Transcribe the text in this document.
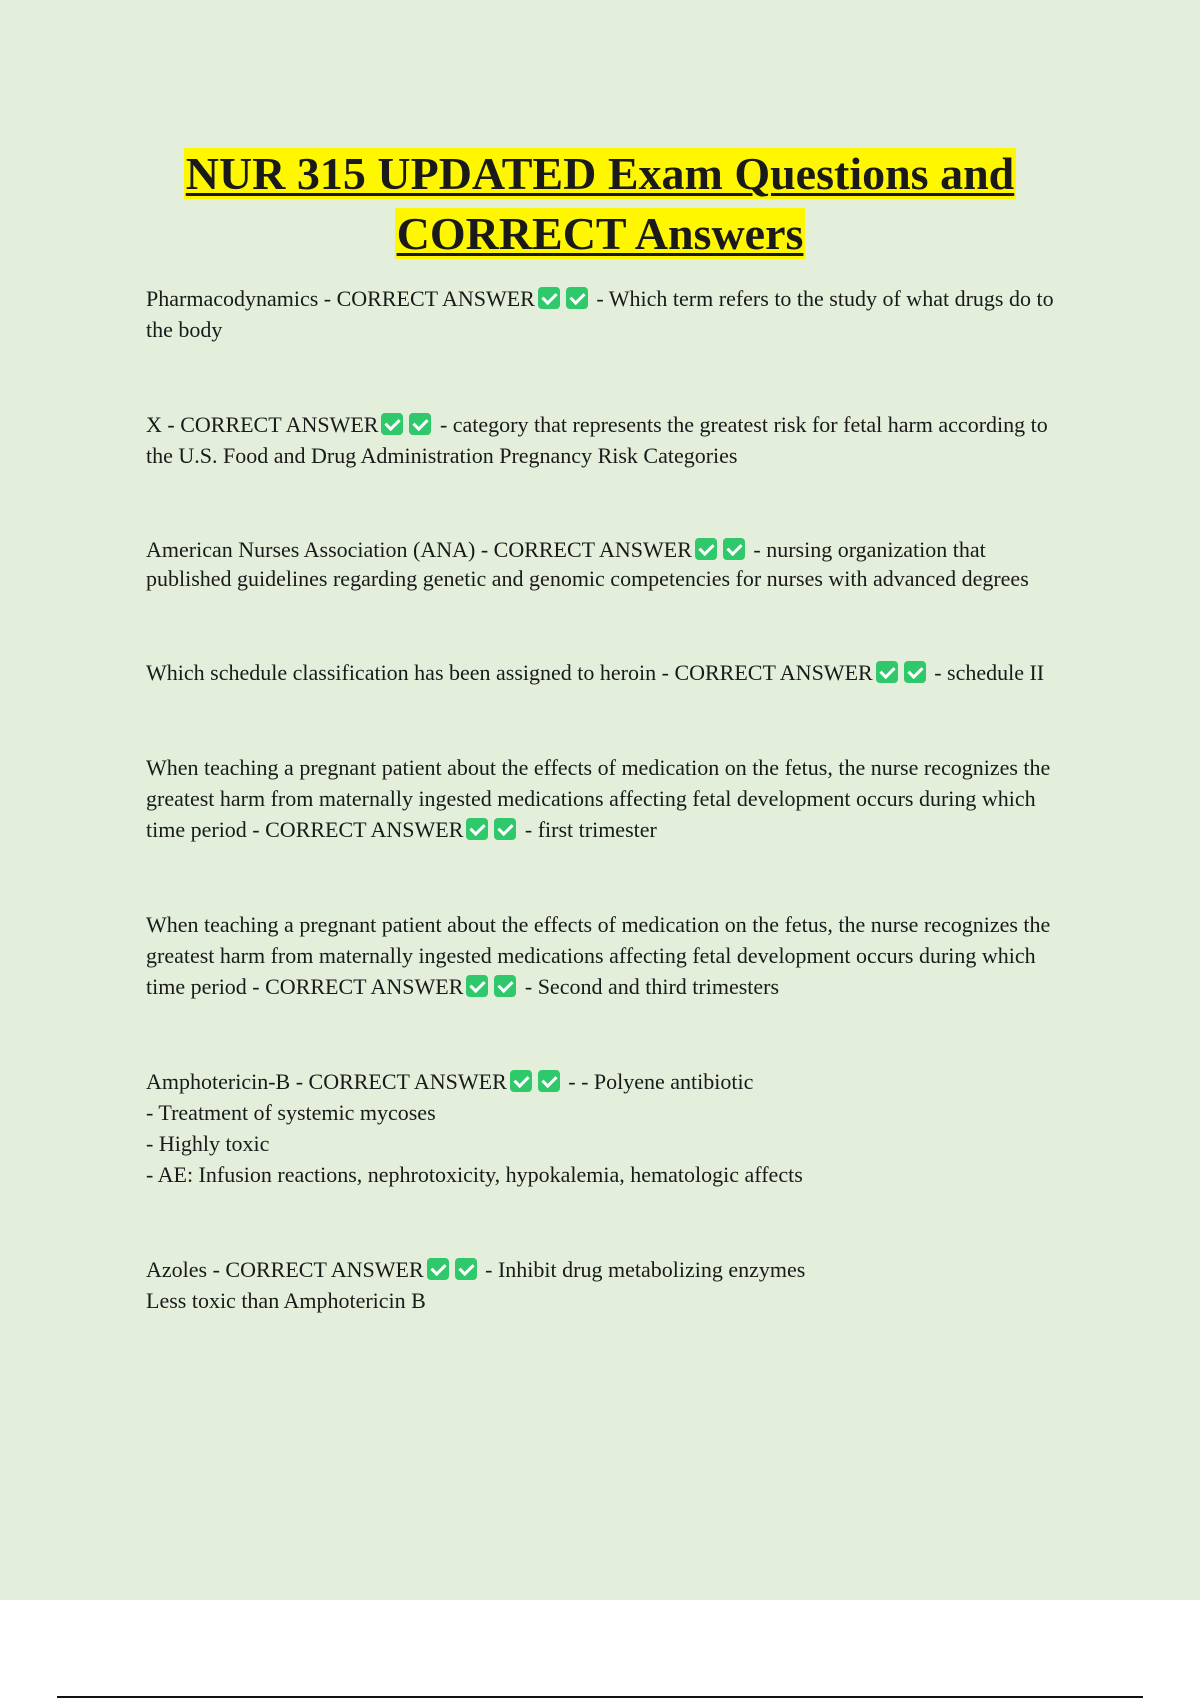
NUR 315 UPDATED Exam Questions and
CORRECT Answers

Pharmacodynamics - CORRECT ANSWER	- Which term refers to the study of what drugs do to the body

X - CORRECT ANSWER	- category that represents the greatest risk for fetal harm according to the U.S. Food and Drug Administration Pregnancy Risk Categories

American Nurses Association (ANA) - CORRECT ANSWER	- nursing organization that published guidelines regarding genetic and genomic competencies for nurses with advanced degrees

Which schedule classification has been assigned to heroin - CORRECT ANSWER	- schedule II

When teaching a pregnant patient about the effects of medication on the fetus, the nurse recognizes the greatest harm from maternally ingested medications affecting fetal development occurs during which time period - CORRECT ANSWER	- first trimester

When teaching a pregnant patient about the effects of medication on the fetus, the nurse recognizes the greatest harm from maternally ingested medications affecting fetal development occurs during which time period - CORRECT ANSWER	- Second and third trimesters

Amphotericin-B - CORRECT ANSWER	- - Polyene antibiotic

- Treatment of systemic mycoses

- Highly toxic

- AE: Infusion reactions, nephrotoxicity, hypokalemia, hematologic affects

Azoles - CORRECT ANSWER	- Inhibit drug metabolizing enzymes

Less toxic than Amphotericin B
